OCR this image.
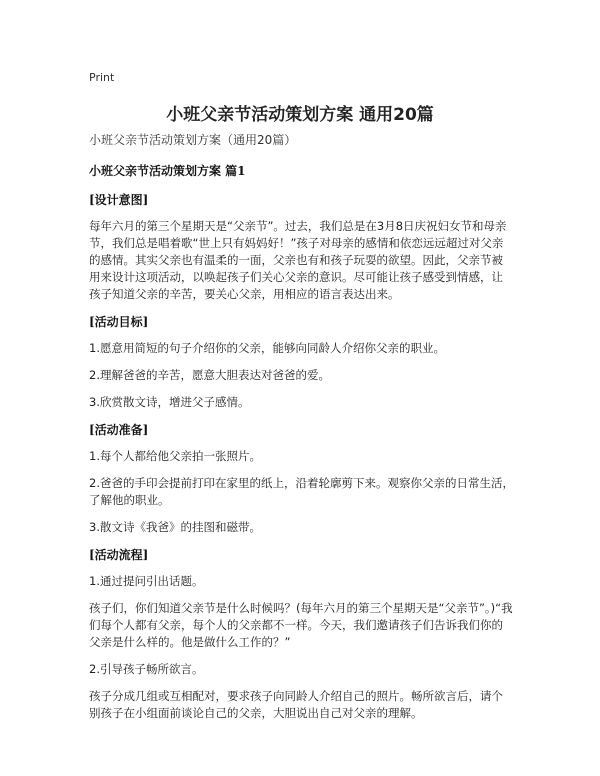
Print
小班父亲节活动策划方案 通用20篇

小班父亲节活动策划方案（通用20篇）

小班父亲节活动策划方案 篇1

[设计意图]

每年六月的第三个星期天是“父亲节”。过去，我们总是在3月8日庆祝妇女节和母亲节，我们总是唱着歌“世上只有妈妈好！”孩子对母亲的感情和依恋远远超过对父亲的感情。其实父亲也有温柔的一面，父亲也有和孩子玩耍的欲望。因此，父亲节被用来设计这项活动，以唤起孩子们关心父亲的意识。尽可能让孩子感受到情感，让孩子知道父亲的辛苦，要关心父亲，用相应的语言表达出来。

[活动目标]

1.愿意用简短的句子介绍你的父亲，能够向同龄人介绍你父亲的职业。

2.理解爸爸的辛苦，愿意大胆表达对爸爸的爱。

3.欣赏散文诗，增进父子感情。

[活动准备]

1.每个人都给他父亲拍一张照片。

2.爸爸的手印会提前打印在家里的纸上，沿着轮廓剪下来。观察你父亲的日常生活，了解他的职业。

3.散文诗《我爸》的挂图和磁带。

[活动流程]

1.通过提问引出话题。

孩子们，你们知道父亲节是什么时候吗？(每年六月的第三个星期天是“父亲节”。)“我们每个人都有父亲，每个人的父亲都不一样。今天，我们邀请孩子们告诉我们你的父亲是什么样的。他是做什么工作的？”

2.引导孩子畅所欲言。

孩子分成几组或互相配对，要求孩子向同龄人介绍自己的照片。畅所欲言后，请个别孩子在小组面前谈论自己的父亲，大胆说出自己对父亲的理解。
